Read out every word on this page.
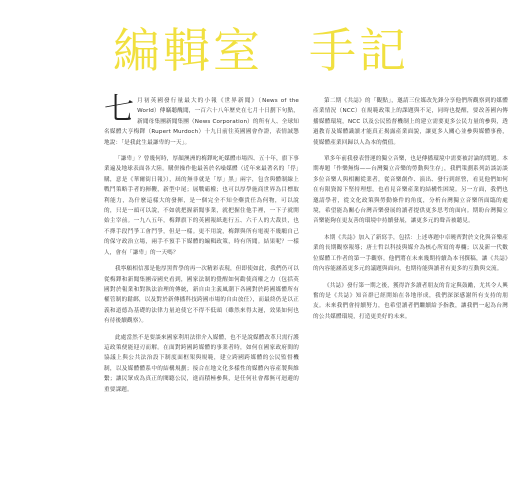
編輯室 手記

七月初英國發行量最大的小報《世界新聞》（News of the World）傳竊聽醜聞，一百六十八年歷史在七月十日劃下句點，新聞母集團新聞集團（News Corporation）的所有人、全球知名媒體大亨梅鐸（Rupert Murdoch）十九日前往英國國會作證，表情誠懇地說：「是我此生最謙卑的一天」。

「謙卑」？曾幾何時，厚顏澳洲的梅鐸叱吒媒體市場四、五十年，旗下事業遍及地球表面各大陸。購併操作他最善於名噪媒體（近年來最著名的「俘」購，意是《華爾街日報》），屆的無非就是「厚」黑」兩字，包含與體制線上戰鬥策略手者的揮鞭，新型中尾；展戰霸權；也可以厚學施商世界為目標取利能力，為什麼這樣大的發揮，是一個完全不知全藥貴任為何物，可以說的，只是一頭可以說，不如就把握新聞事業，就把握住他手裡，一下子就開始主宰前。一九八五年，梅鐸旗下的英國報紙進行五、六千人的大裁員，也不擇手段鬥爭工會鬥爭，但是一樣。更不用說，梅鐸與所有電視不幾鵰自己的保守政治立場，兩手不預手下媒體的編輯政策，時有所聞。結果呢？一樣人，會有「謙卑」的一天嗎？

我寧願相信那是他厚黑哲學的再一次精彩表現，但即使如此，我們仍可以從梅鐸和新聞集團帝國史看到，國家法制的覺醒如何勸使商權之力（包括英國對於報業和對執法治理的傳統，新自由主義風潮下各國對於跨國媒體所有權管制的鬆綁，以及對於新傳播科技跨國市場的自由放任），而最終仍是以正義和道德為基礎的法律力量迫使它不得不低頭（雖然來得太遲，效果如何也有待後續觀察）。

此處當然不是要談來國家利用法律介入媒體，也不是說媒體改革只需行護這政策便能迎刃而解。在面對跨國跨媒體的事業者時，如何在國家政府間的協議上與公共法治設下制度面框架與規範，建立跨國跨媒體的公民監督機制，以及媒體體系中的結構規劃；接合在地文化多樣性的媒體內容產製與維繫；讓民眾成為真正的閱聽公民，進而積極參與，是任何社會都無可迴避的重要課題。

第二期《共誌》的「觀點」，邀請三位媒改先鋒分享他們所觀察到的媒體產業情況（NCC）在規範政策上的課題與不足，同時也提醒，要改善國內傳播媒體環境，NCC 以及公民監督機制上的建立需要更多公民力量的參與，透過教育及媒體識讀才能真正揭露產業面貌，讓更多人關心並參與媒體事務，使媒體產業回歸以人為本的價值。

單多年前我發表營運的獨立音樂，也是傳播環境中需要被討論的問題。本期專題「作樂無悔——台灣獨立音樂的勞動與生存」，我們策劃系列訪談訪談多位音樂人與相關從業者，從音樂創作、演出、發行到經營，看見他們如何在有限資源下堅持理想，也看見音樂產業的結構性困境。另一方面，我們也邀請學者，從文化政策與勞動條件的角度，分析台灣獨立音樂所面臨的處境，希望能為關心台灣音樂發展的讀者提供更多思考的面向。期盼台灣獨立音樂能夠在更友善的環境中持續發展，讓更多元的聲音被聽見。

本期《共誌》加入了新寫手，包括：上述專題中卓曉齊對於文化與音樂產業的長期觀察報導；唐士哲以科技與媒介為核心所寫的專欄；以及新一代數位媒體工作者的第一手觀察。他們將在未來幾期持續為本刊撰稿，讓《共誌》的內容能涵蓋更多元的議題與面向，也期待能與讀者有更多的互動與交流。

《共誌》發行第一期之後，獲得許多讀者朋友的肯定與鼓勵，尤其令人興奮的是《共誌》知音群已經開始在各地形成，我們深深感謝所有支持的朋友。未來我們會持續努力，也希望讀者們繼續給予指教，讓我們一起為台灣的公共媒體環境，打造更美好的未來。
